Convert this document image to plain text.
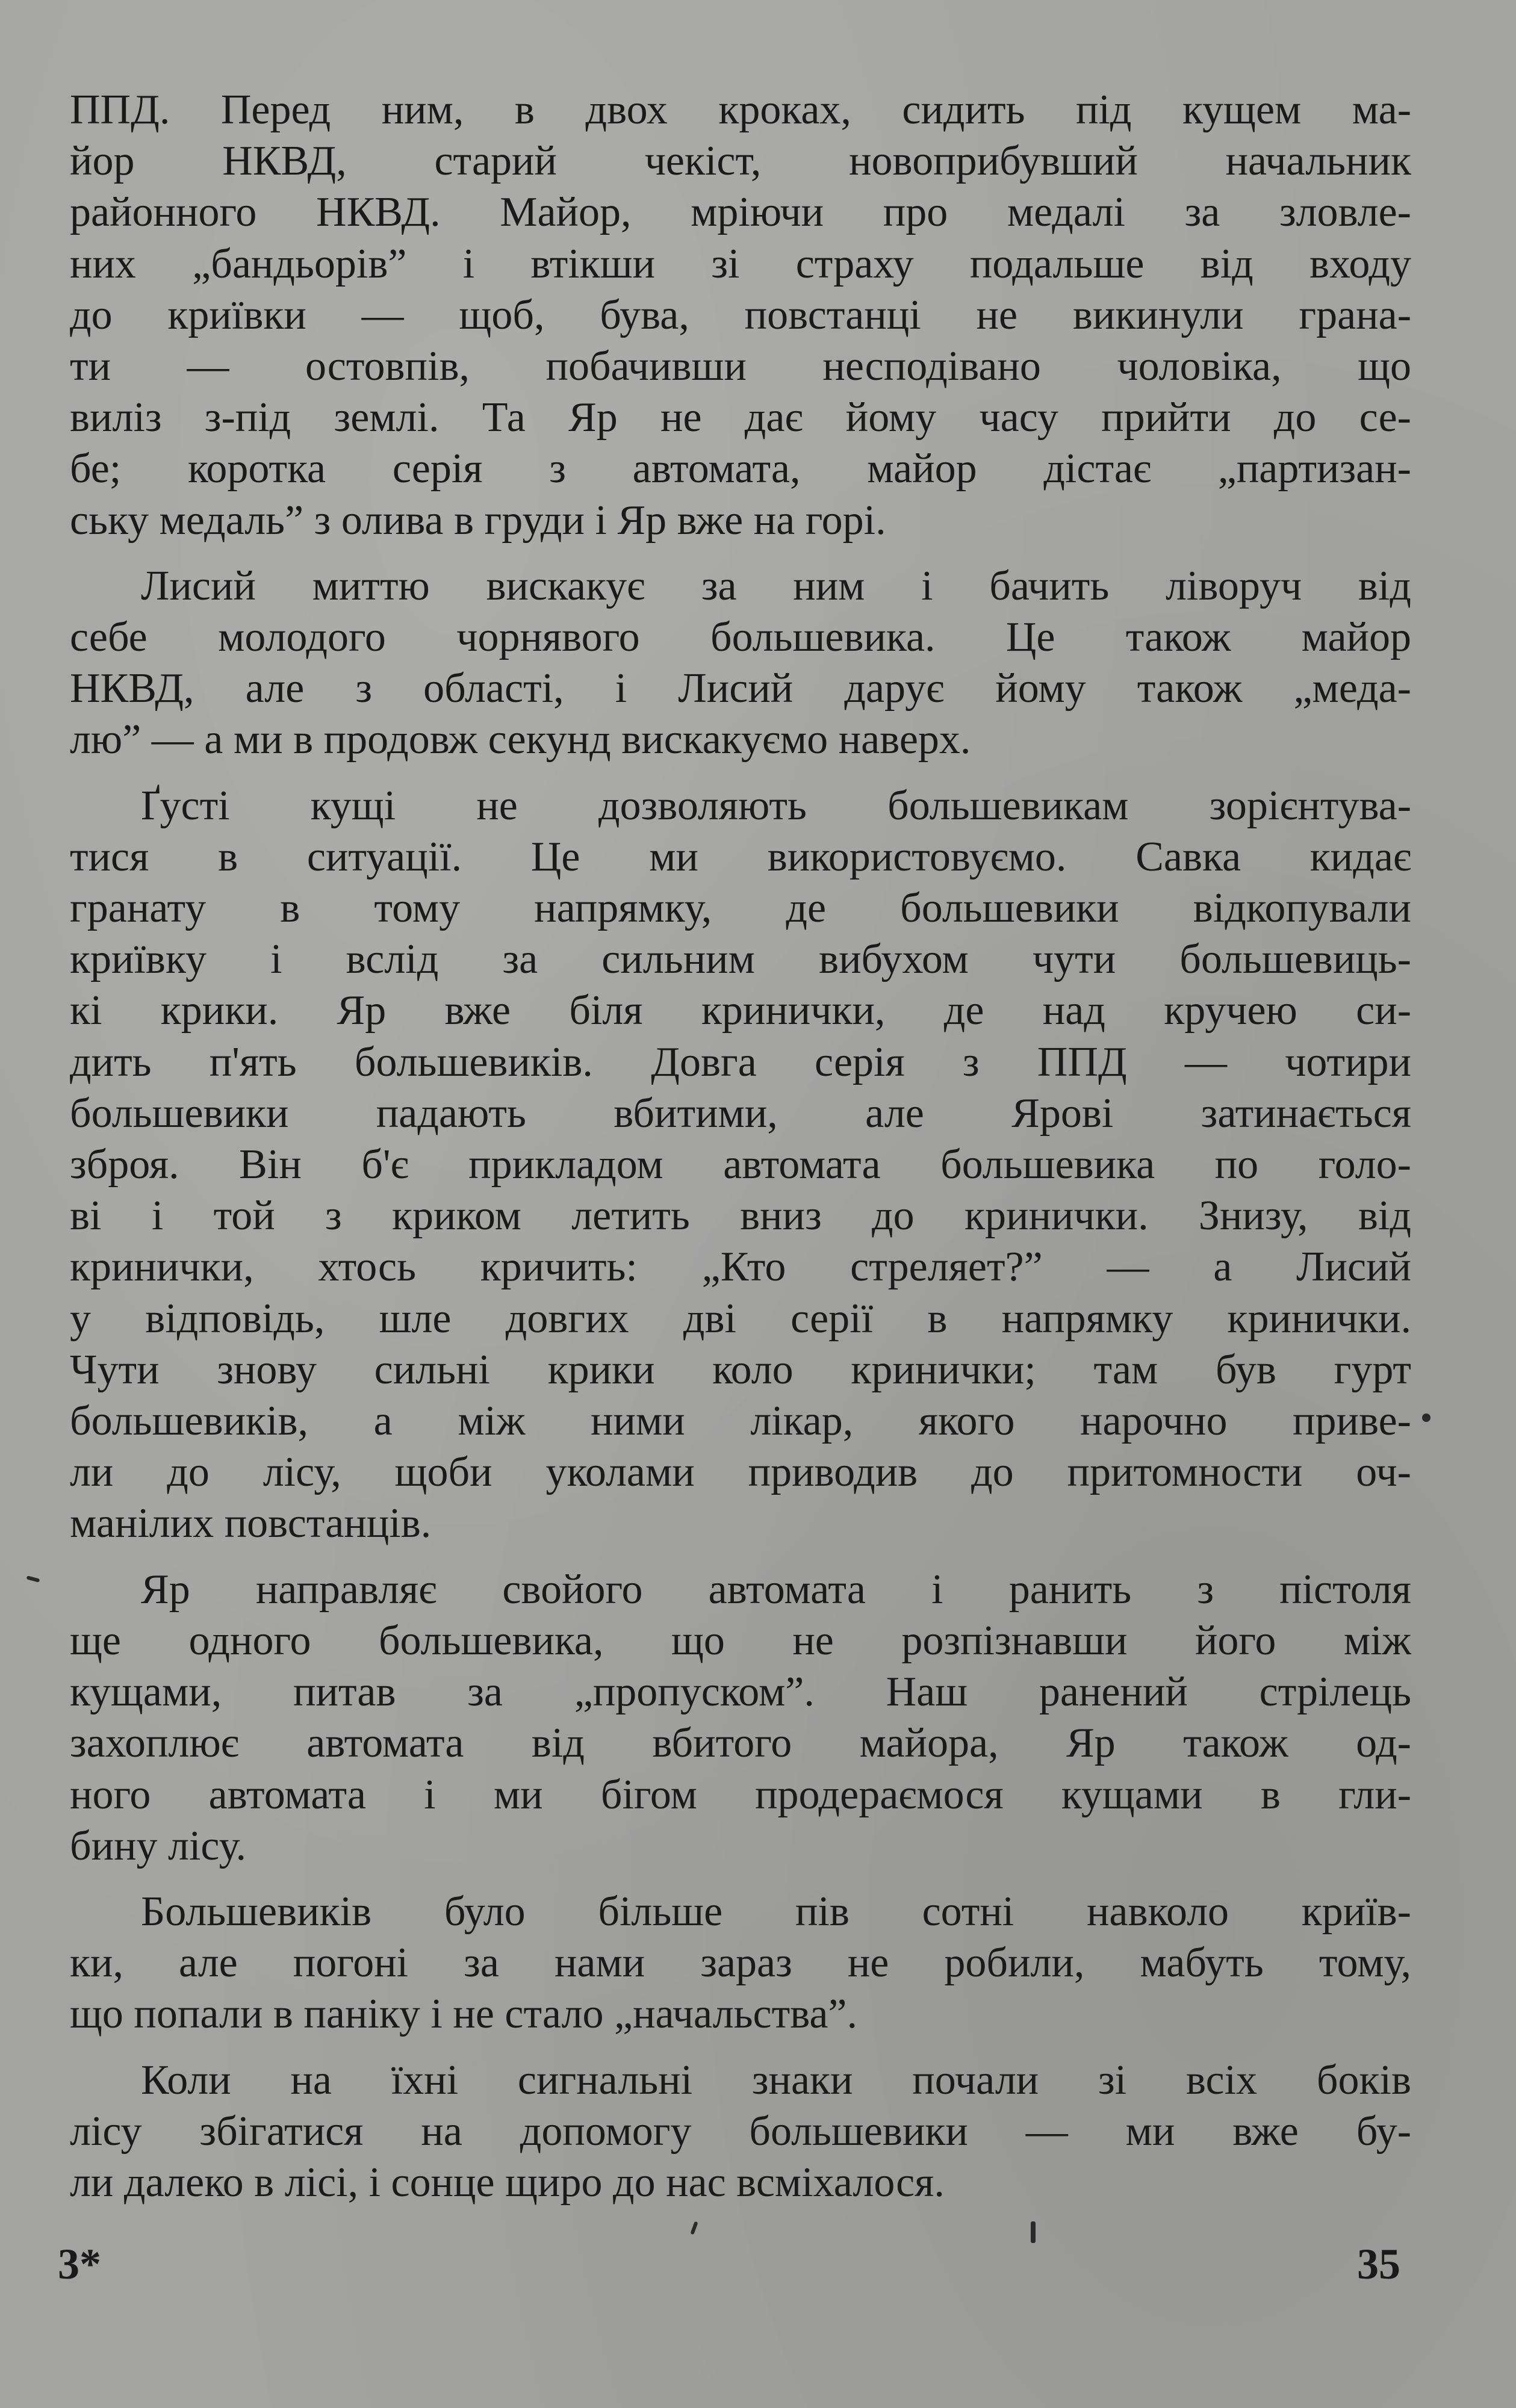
ППД. Перед ним, в двох кроках, сидить під кущем ма-
йор НКВД, старий чекіст, новоприбувший начальник
районного НКВД. Майор, мріючи про медалі за зловле-
них „бандьорів” і втікши зі страху подальше від входу
до криївки — щоб, бува, повстанці не викинули грана-
ти — остовпів, побачивши несподівано чоловіка, що
виліз з-під землі. Та Яр не дає йому часу прийти до се-
бе; коротка серія з автомата, майор дістає „партизан-
ську медаль” з олива в груди і Яр вже на горі.
Лисий миттю вискакує за ним і бачить ліворуч від
себе молодого чорнявого большевика. Це також майор
НКВД, але з області, і Лисий дарує йому також „меда-
лю” — а ми в продовж секунд вискакуємо наверх.
Ґусті кущі не дозволяють большевикам зорієнтува-
тися в ситуації. Це ми використовуємо. Савка кидає
гранату в тому напрямку, де большевики відкопували
криївку і вслід за сильним вибухом чути большевиць-
кі крики. Яр вже біля кринички, де над кручею си-
дить п'ять большевиків. Довга серія з ППД — чотири
большевики падають вбитими, але Ярові затинається
зброя. Він б'є прикладом автомата большевика по голо-
ві і той з криком летить вниз до кринички. Знизу, від
кринички, хтось кричить: „Кто стреляет?” — а Лисий
у відповідь, шле довгих дві серії в напрямку кринички.
Чути знову сильні крики коло кринички; там був гурт
большевиків, а між ними лікар, якого нарочно приве-
ли до лісу, щоби уколами приводив до притомности оч-
манілих повстанців.
Яр направляє свойого автомата і ранить з пістоля
ще одного большевика, що не розпізнавши його між
кущами, питав за „пропуском”. Наш ранений стрілець
захоплює автомата від вбитого майора, Яр також од-
ного автомата і ми бігом продераємося кущами в гли-
бину лісу.
Большевиків було більше пів сотні навколо криїв-
ки, але погоні за нами зараз не робили, мабуть тому,
що попали в паніку і не стало „начальства”.
Коли на їхні сигнальні знаки почали зі всіх боків
лісу збігатися на допомогу большевики — ми вже бу-
ли далеко в лісі, і сонце щиро до нас всміхалося.
3*	35
